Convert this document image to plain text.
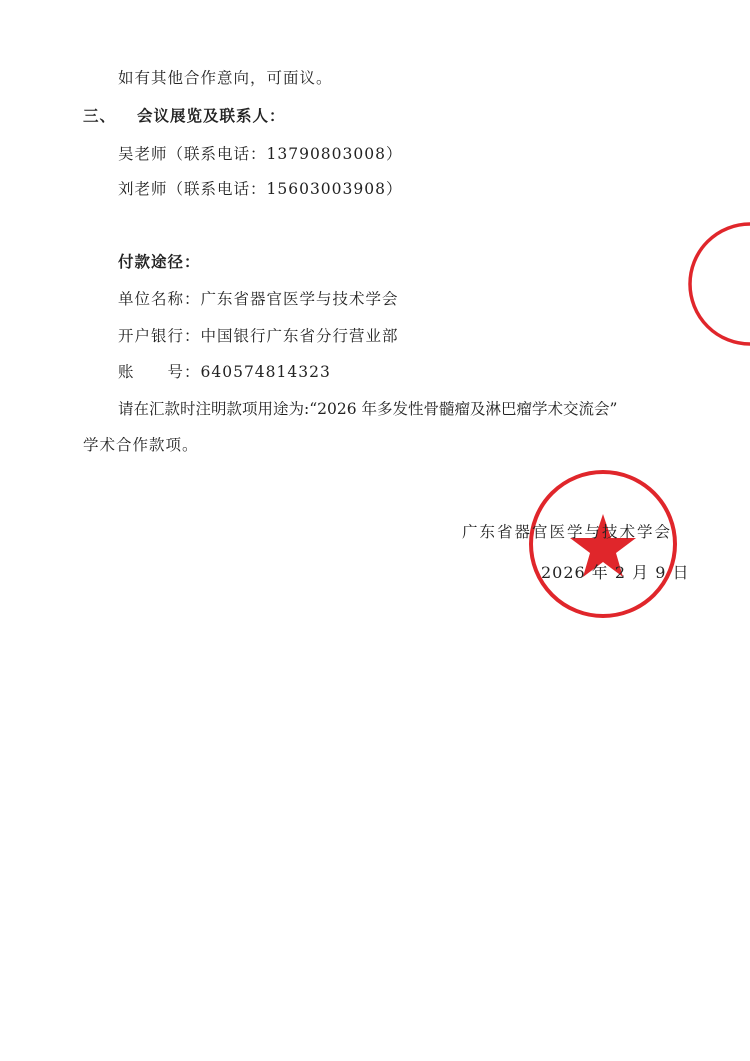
如有其他合作意向，可面议。
三、 会议展览及联系人：
吴老师（联系电话：13790803008）
刘老师（联系电话：15603003908）
付款途径：
单位名称：广东省器官医学与技术学会
开户银行：中国银行广东省分行营业部
账　　号：640574814323
请在汇款时注明款项用途为:“2026 年多发性骨髓瘤及淋巴瘤学术交流会”
学术合作款项。
广东省器官医学与技术学会
2026 年 2 月 9 日
